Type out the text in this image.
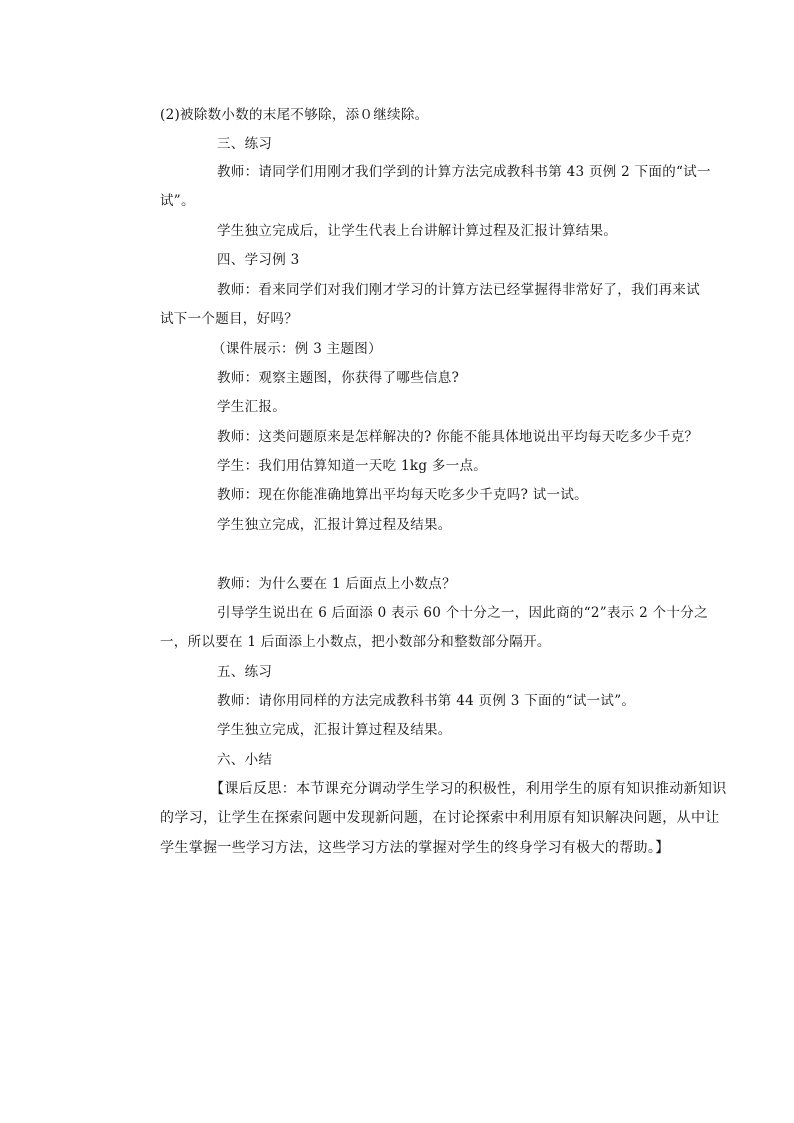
(2)被除数小数的末尾不够除，添０继续除。
三、练习
教师：请同学们用刚才我们学到的计算方法完成教科书第 43 页例 2 下面的“试一
试”。
学生独立完成后，让学生代表上台讲解计算过程及汇报计算结果。
四、学习例 3
教师：看来同学们对我们刚才学习的计算方法已经掌握得非常好了，我们再来试
试下一个题目，好吗？
（课件展示：例 3 主题图）
教师：观察主题图，你获得了哪些信息?
学生汇报。
教师：这类问题原来是怎样解决的? 你能不能具体地说出平均每天吃多少千克？
学生：我们用估算知道一天吃 1kg 多一点。
教师：现在你能准确地算出平均每天吃多少千克吗? 试一试。
学生独立完成，汇报计算过程及结果。
教师：为什么要在 1 后面点上小数点？
引导学生说出在 6 后面添 0 表示 60 个十分之一，因此商的“2”表示 2 个十分之
一，所以要在 1 后面添上小数点，把小数部分和整数部分隔开。
五、练习
教师：请你用同样的方法完成教科书第 44 页例 3 下面的“试一试”。
学生独立完成，汇报计算过程及结果。
六、小结
【课后反思：本节课充分调动学生学习的积极性，利用学生的原有知识推动新知识
的学习，让学生在探索问题中发现新问题，在讨论探索中利用原有知识解决问题，从中让
学生掌握一些学习方法，这些学习方法的掌握对学生的终身学习有极大的帮助。】
